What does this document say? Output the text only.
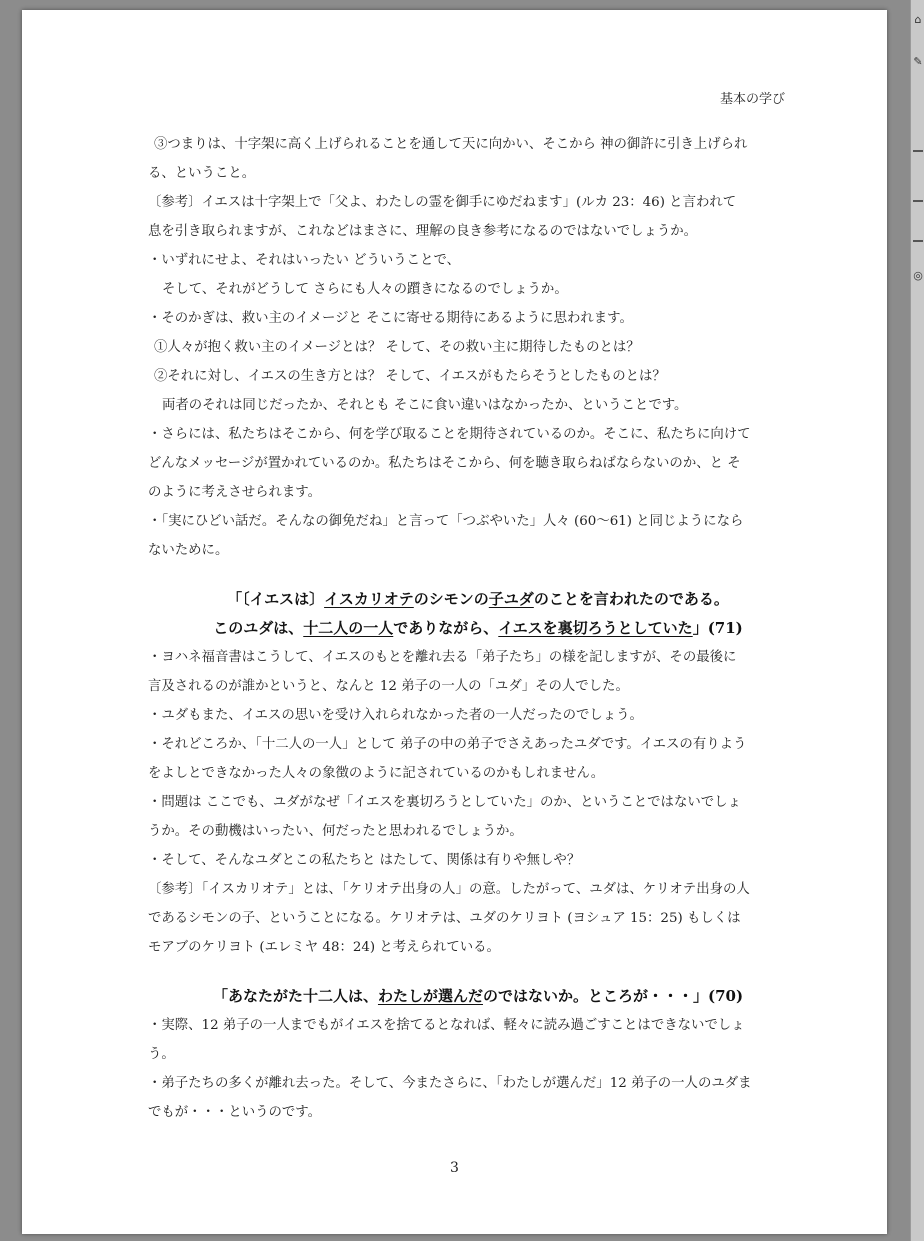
基本の学び

③つまりは、十字架に高く上げられることを通して天に向かい、そこから 神の御許に引き上げられ

る、ということ。

〔参考〕イエスは十字架上で「父よ、わたしの霊を御手にゆだねます」(ルカ 23：46) と言われて

息を引き取られますが、これなどはまさに、理解の良き参考になるのではないでしょうか。

・いずれにせよ、それはいったい どういうことで、

そして、それがどうして さらにも人々の躓きになるのでしょうか。

・そのかぎは、救い主のイメージと そこに寄せる期待にあるように思われます。

①人々が抱く救い主のイメージとは？ そして、その救い主に期待したものとは？

②それに対し、イエスの生き方とは？ そして、イエスがもたらそうとしたものとは？

両者のそれは同じだったか、それとも そこに食い違いはなかったか、ということです。

・さらには、私たちはそこから、何を学び取ることを期待されているのか。そこに、私たちに向けて

どんなメッセージが置かれているのか。私たちはそこから、何を聴き取らねばならないのか、と そ

のように考えさせられます。

・「実にひどい話だ。そんなの御免だね」と言って「つぶやいた」人々 (60〜61) と同じようになら

ないために。

「〔イエスは〕イスカリオテのシモンの子ユダのことを言われたのである。

このユダは、十二人の一人でありながら、イエスを裏切ろうとしていた」(71)

・ヨハネ福音書はこうして、イエスのもとを離れ去る「弟子たち」の様を記しますが、その最後に

言及されるのが誰かというと、なんと 12 弟子の一人の「ユダ」その人でした。

・ユダもまた、イエスの思いを受け入れられなかった者の一人だったのでしょう。

・それどころか、「十二人の一人」として 弟子の中の弟子でさえあったユダです。イエスの有りよう

をよしとできなかった人々の象徴のように記されているのかもしれません。

・問題は ここでも、ユダがなぜ「イエスを裏切ろうとしていた」のか、ということではないでしょ

うか。その動機はいったい、何だったと思われるでしょうか。

・そして、そんなユダとこの私たちと はたして、関係は有りや無しや？

〔参考〕「イスカリオテ」とは、「ケリオテ出身の人」の意。したがって、ユダは、ケリオテ出身の人

であるシモンの子、ということになる。ケリオテは、ユダのケリヨト (ヨシュア 15：25) もしくは

モアブのケリヨト (エレミヤ 48：24) と考えられている。

「あなたがた十二人は、わたしが選んだのではないか。ところが・・・」(70)

・実際、12 弟子の一人までもがイエスを捨てるとなれば、軽々に読み過ごすことはできないでしょ

う。

・弟子たちの多くが離れ去った。そして、今またさらに、「わたしが選んだ」12 弟子の一人のユダま

でもが・・・というのです。

3
⌂
✎
◎
